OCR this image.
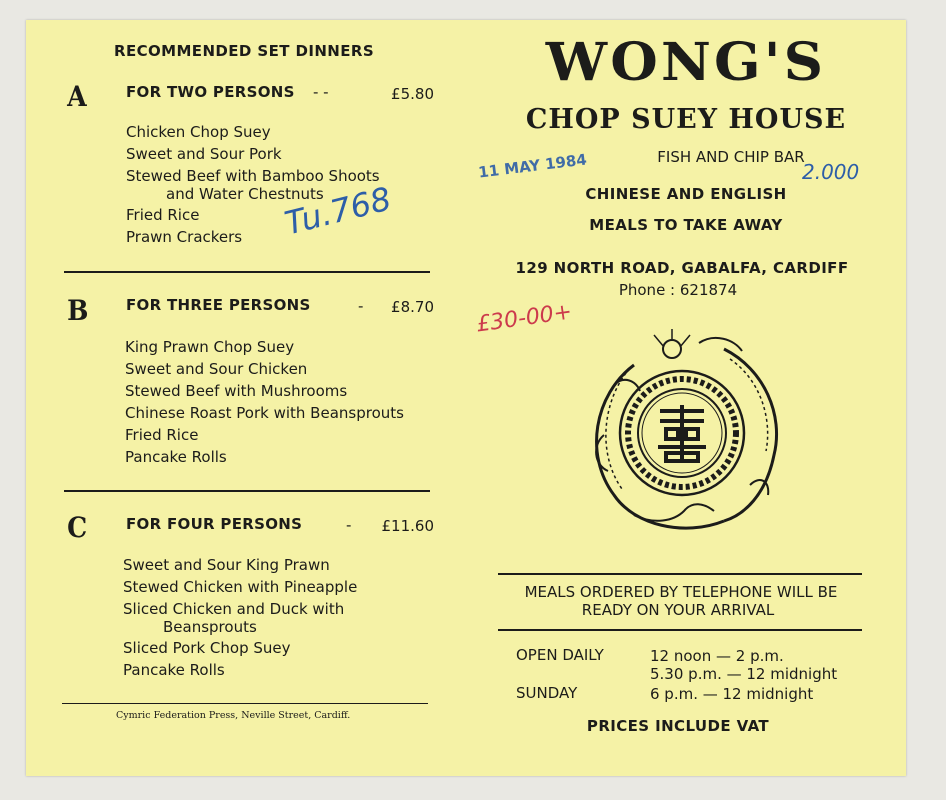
RECOMMENDED SET DINNERS
A	FOR TWO PERSONS - -	£5.80
Chicken Chop Suey
Sweet and Sour Pork
Stewed Beef with Bamboo Shoots
and Water Chestnuts
Fried Rice
Prawn Crackers
B	FOR THREE PERSONS	-	£8.70
King Prawn Chop Suey
Sweet and Sour Chicken
Stewed Beef with Mushrooms
Chinese Roast Pork with Beansprouts
Fried Rice
Pancake Rolls
C	FOR FOUR PERSONS	-	£11.60
Sweet and Sour King Prawn
Stewed Chicken with Pineapple
Sliced Chicken and Duck with
Beansprouts
Sliced Pork Chop Suey
Pancake Rolls
Cymric Federation Press, Neville Street, Cardiff.
WONG'S
CHOP SUEY HOUSE
FISH AND CHIP BAR
CHINESE AND ENGLISH
MEALS TO TAKE AWAY
129 NORTH ROAD, GABALFA, CARDIFF
Phone : 621874
MEALS ORDERED BY TELEPHONE WILL BE
READY ON YOUR ARRIVAL
OPEN DAILY	12 noon — 2 p.m.
5.30 p.m. — 12 midnight
SUNDAY	6 p.m. — 12 midnight
PRICES INCLUDE VAT
Tu.768
11 MAY 1984	2.000
£30-00+
